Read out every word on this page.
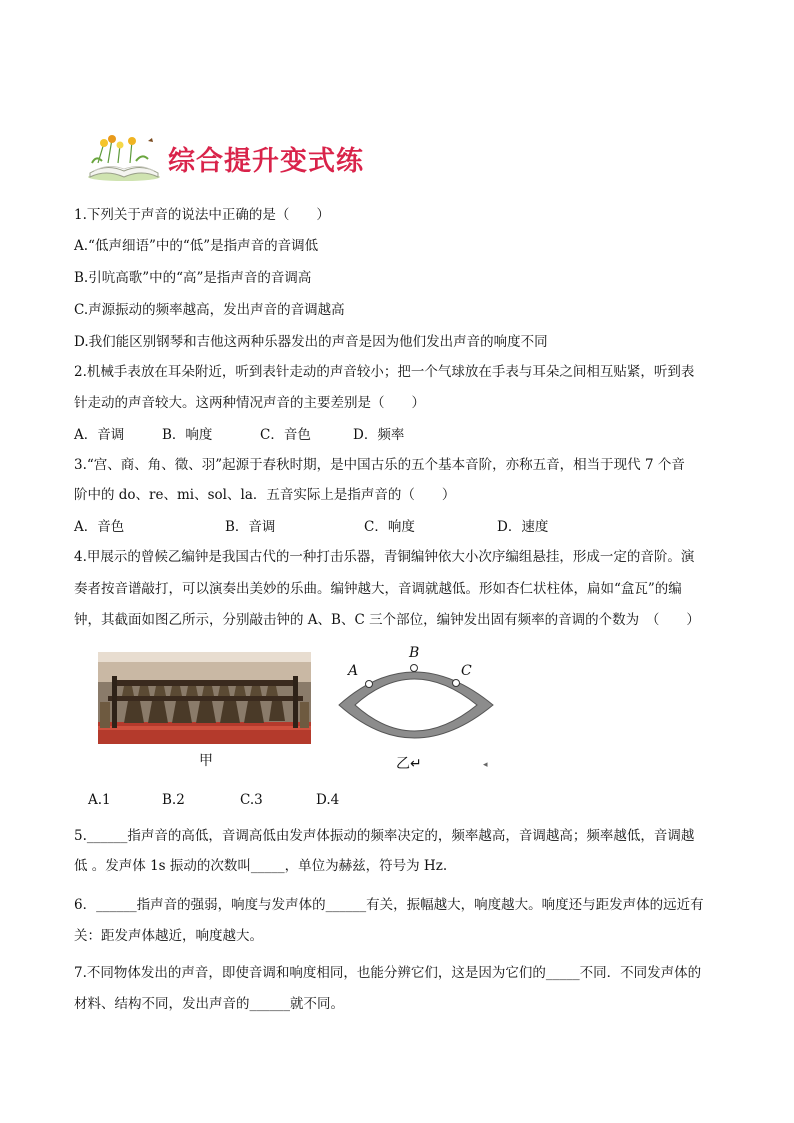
综合提升变式练
1.下列关于声音的说法中正确的是（　　）
A.“低声细语”中的“低”是指声音的音调低
B.引吭高歌”中的“高”是指声音的音调高
C.声源振动的频率越高，发出声音的音调越高
D.我们能区别钢琴和吉他这两种乐器发出的声音是因为他们发出声音的响度不同
2.机械手表放在耳朵附近，听到表针走动的声音较小；把一个气球放在手表与耳朵之间相互贴紧，听到表
针走动的声音较大。这两种情况声音的主要差别是（　　）
A．音调	B．响度	C．音色	D．频率
3.“宫、商、角、徵、羽”起源于春秋时期，是中国古乐的五个基本音阶，亦称五音，相当于现代 7 个音
阶中的 do、re、mi、sol、la．五音实际上是指声音的（　　）
A．音色	B．音调	C．响度	D．速度
4.甲展示的曾候乙编钟是我国古代的一种打击乐器，青铜编钟依大小次序编组悬挂，形成一定的音阶。演
奏者按音谱敲打，可以演奏出美妙的乐曲。编钟越大，音调就越低。形如杏仁状柱体，扁如“盒瓦”的编
钟，其截面如图乙所示，分别敲击钟的 A、B、C 三个部位，编钟发出固有频率的音调的个数为　（　　）
甲
A
B
C
乙↵	◂
A.1	B.2	C.3	D.4
5.______指声音的高低，音调高低由发声体振动的频率决定的，频率越高，音调越高；频率越低，音调越
低 。发声体 1s 振动的次数叫_____，单位为赫兹，符号为 Hz.
6．______指声音的强弱，响度与发声体的______有关，振幅越大，响度越大。响度还与距发声体的远近有
关：距发声体越近，响度越大。
7.不同物体发出的声音，即使音调和响度相同，也能分辨它们，这是因为它们的_____不同．不同发声体的
材料、结构不同，发出声音的______就不同。
